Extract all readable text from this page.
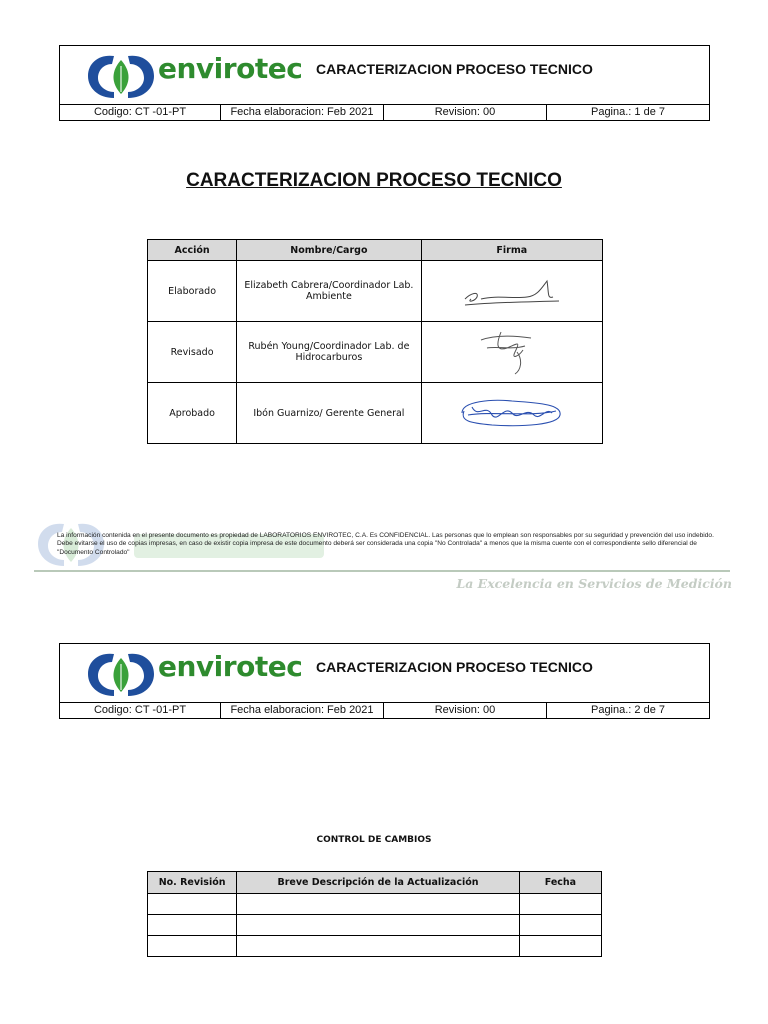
envirotec CARACTERIZACION PROCESO TECNICO
Codigo: CT -01-PT	Fecha elaboracion: Feb 2021	Revision: 00	Pagina.: 1 de 7
CARACTERIZACION PROCESO TECNICO
Acción	Nombre/Cargo	Firma
Elaborado	Elizabeth Cabrera/Coordinador Lab. Ambiente	

Revisado	Rubén Young/Coordinador Lab. de Hidrocarburos	

Aprobado	Ibón Guarnizo/ Gerente General	
La información contenida en el presente documento es propiedad de LABORATORIOS ENVIROTEC, C.A. Es CONFIDENCIAL. Las personas que lo emplean son responsables por su seguridad y prevención del uso indebido. Debe evitarse el uso de copias impresas, en caso de existir copia impresa de este documento deberá ser considerada una copia "No Controlada" a menos que la misma cuente con el correspondiente sello diferencial de "Documento Controlado"
La Excelencia en Servicios de Medición
envirotec CARACTERIZACION PROCESO TECNICO
Codigo: CT -01-PT	Fecha elaboracion: Feb 2021	Revision: 00	Pagina.: 2 de 7
CONTROL DE CAMBIOS
No. Revisión	Breve Descripción de la Actualización	Fecha
